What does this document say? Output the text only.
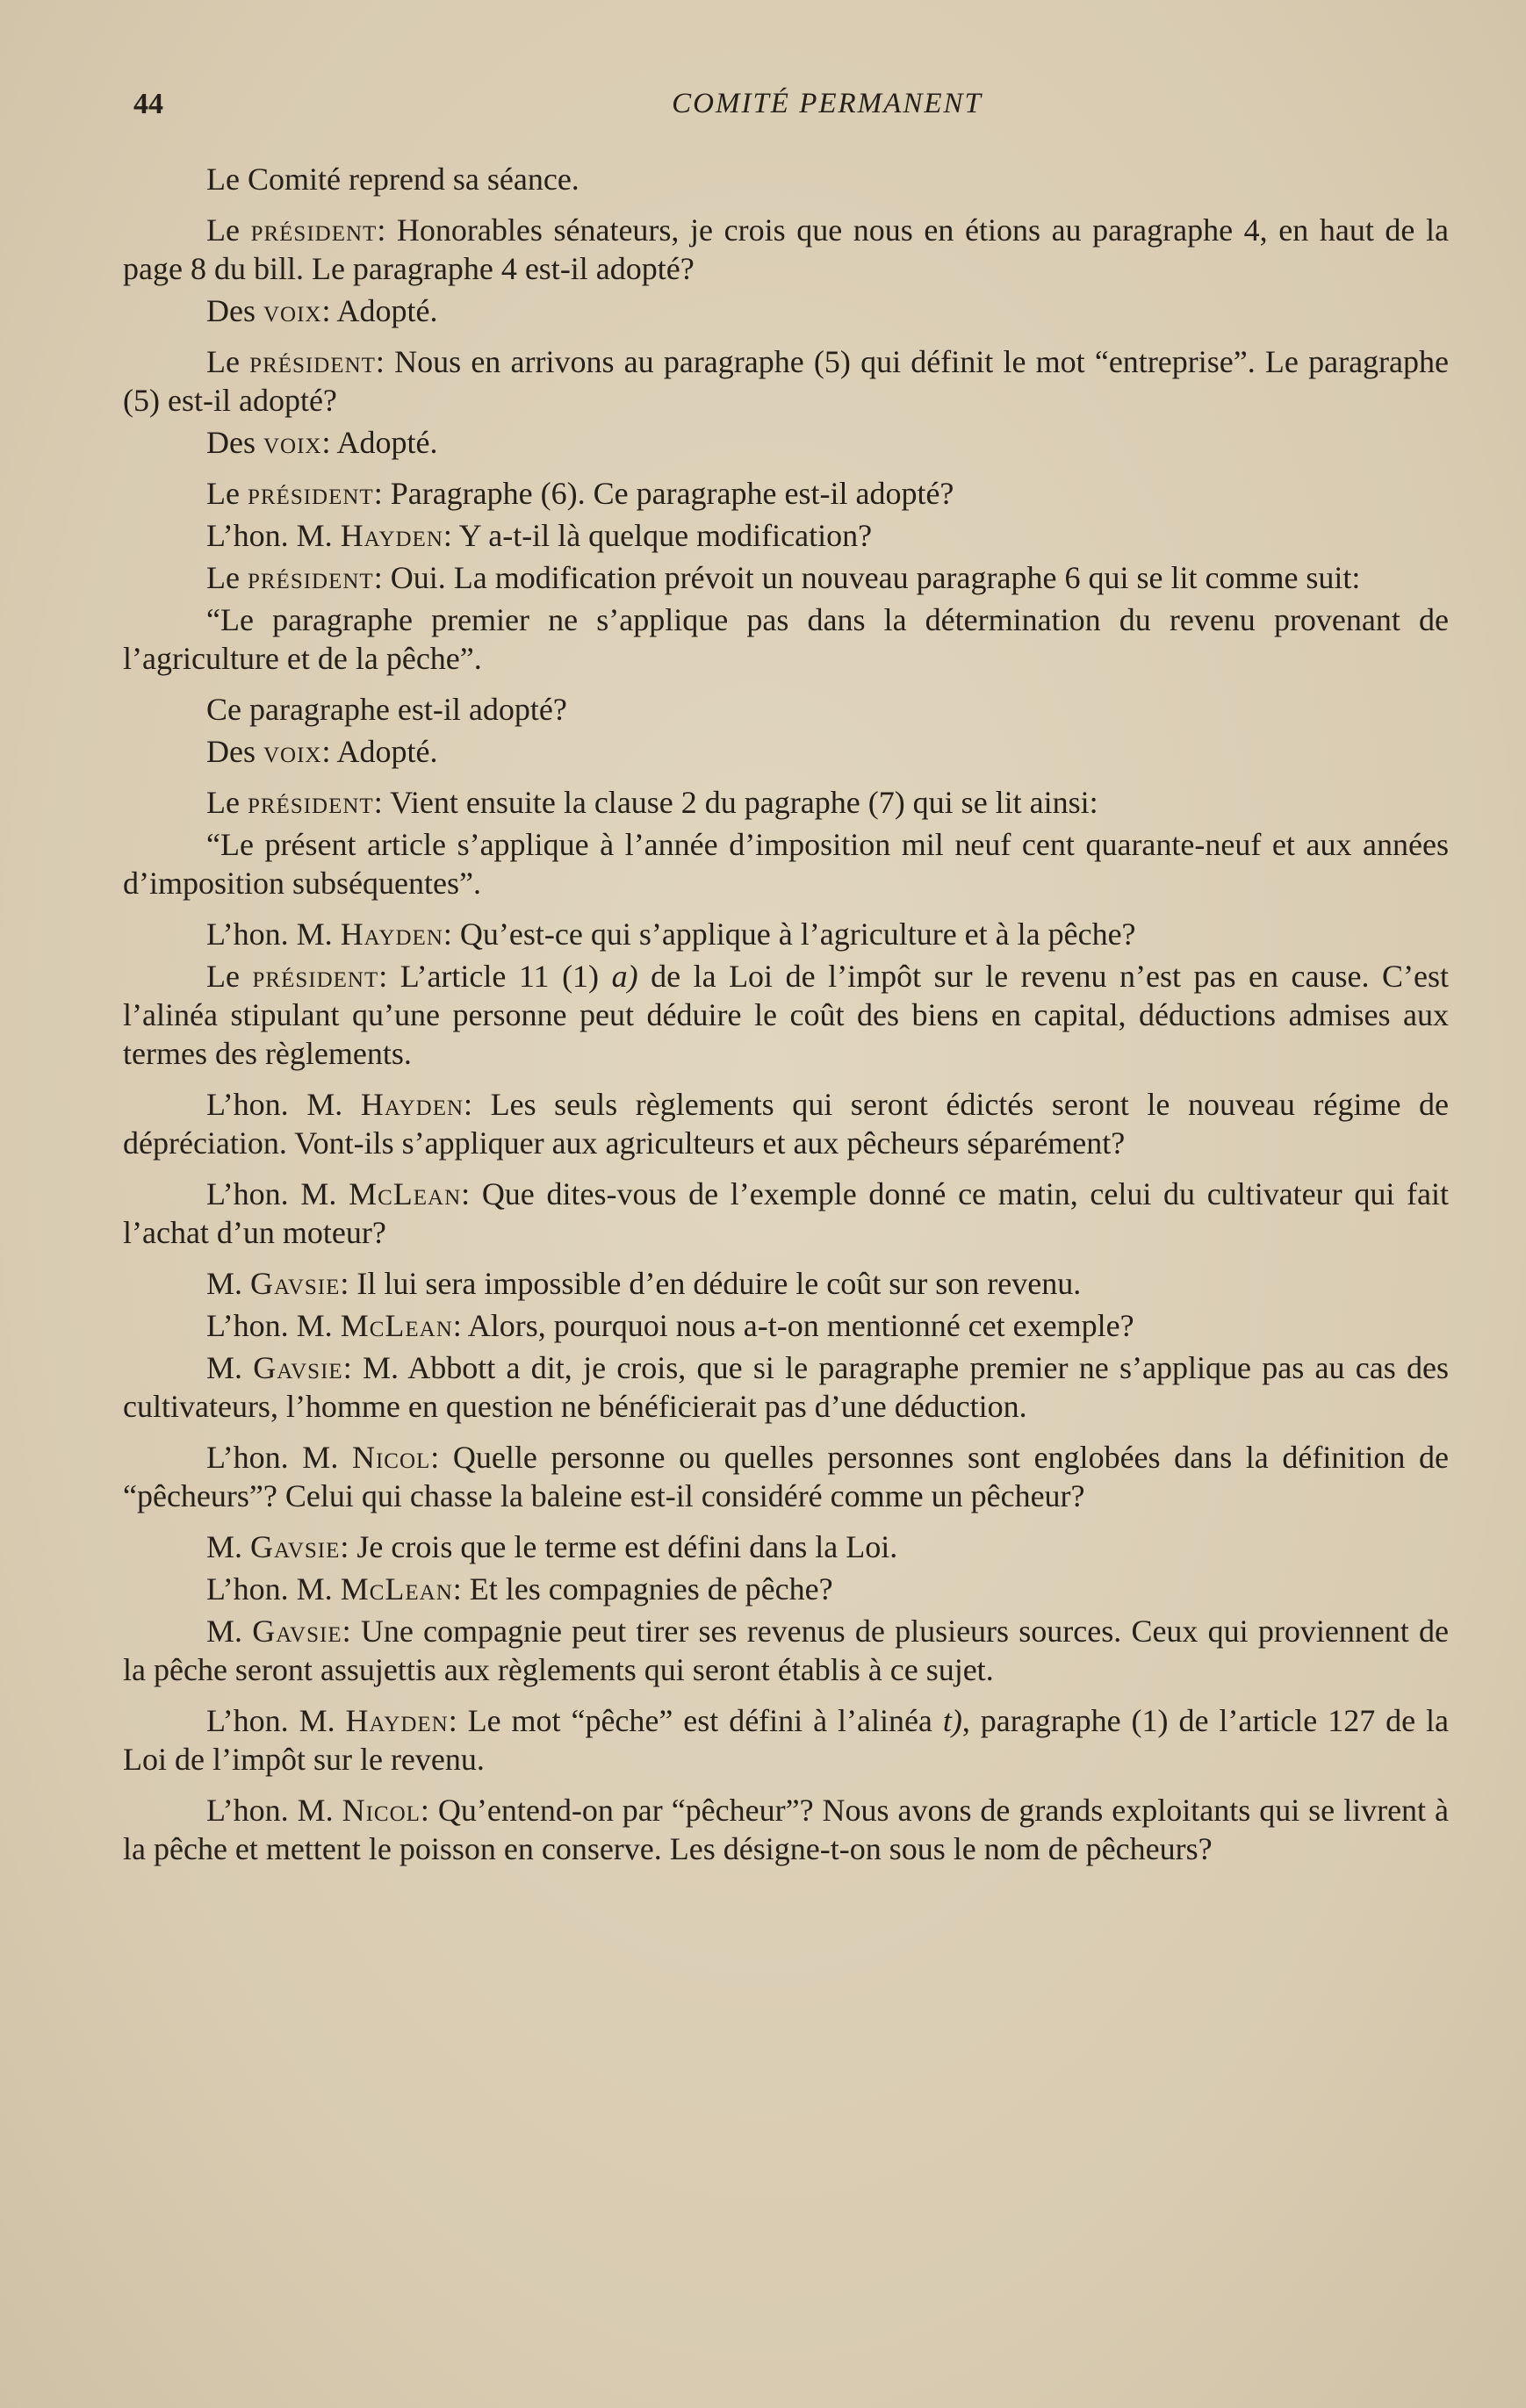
44	COMITÉ PERMANENT

Le Comité reprend sa séance.

Le président: Honorables sénateurs, je crois que nous en étions au paragraphe 4, en haut de la page 8 du bill. Le paragraphe 4 est-il adopté?

Des voix: Adopté.

Le président: Nous en arrivons au paragraphe (5) qui définit le mot “entreprise”. Le paragraphe (5) est-il adopté?

Des voix: Adopté.

Le président: Paragraphe (6). Ce paragraphe est-il adopté?

L’hon. M. Hayden: Y a-t-il là quelque modification?

Le président: Oui. La modification prévoit un nouveau paragraphe 6 qui se lit comme suit:

“Le paragraphe premier ne s’applique pas dans la détermination du revenu provenant de l’agriculture et de la pêche”.

Ce paragraphe est-il adopté?

Des voix: Adopté.

Le président: Vient ensuite la clause 2 du pagraphe (7) qui se lit ainsi:

“Le présent article s’applique à l’année d’imposition mil neuf cent quarante-neuf et aux années d’imposition subséquentes”.

L’hon. M. Hayden: Qu’est-ce qui s’applique à l’agriculture et à la pêche?

Le président: L’article 11 (1) a) de la Loi de l’impôt sur le revenu n’est pas en cause. C’est l’alinéa stipulant qu’une personne peut déduire le coût des biens en capital, déductions admises aux termes des règlements.

L’hon. M. Hayden: Les seuls règlements qui seront édictés seront le nouveau régime de dépréciation. Vont-ils s’appliquer aux agriculteurs et aux pêcheurs séparément?

L’hon. M. McLean: Que dites-vous de l’exemple donné ce matin, celui du cultivateur qui fait l’achat d’un moteur?

M. Gavsie: Il lui sera impossible d’en déduire le coût sur son revenu.

L’hon. M. McLean: Alors, pourquoi nous a-t-on mentionné cet exemple?

M. Gavsie: M. Abbott a dit, je crois, que si le paragraphe premier ne s’applique pas au cas des cultivateurs, l’homme en question ne bénéficierait pas d’une déduction.

L’hon. M. Nicol: Quelle personne ou quelles personnes sont englobées dans la définition de “pêcheurs”? Celui qui chasse la baleine est-il considéré comme un pêcheur?

M. Gavsie: Je crois que le terme est défini dans la Loi.

L’hon. M. McLean: Et les compagnies de pêche?

M. Gavsie: Une compagnie peut tirer ses revenus de plusieurs sources. Ceux qui proviennent de la pêche seront assujettis aux règlements qui seront établis à ce sujet.

L’hon. M. Hayden: Le mot “pêche” est défini à l’alinéa t), paragraphe (1) de l’article 127 de la Loi de l’impôt sur le revenu.

L’hon. M. Nicol: Qu’entend-on par “pêcheur”? Nous avons de grands exploitants qui se livrent à la pêche et mettent le poisson en conserve. Les désigne-t-on sous le nom de pêcheurs?
